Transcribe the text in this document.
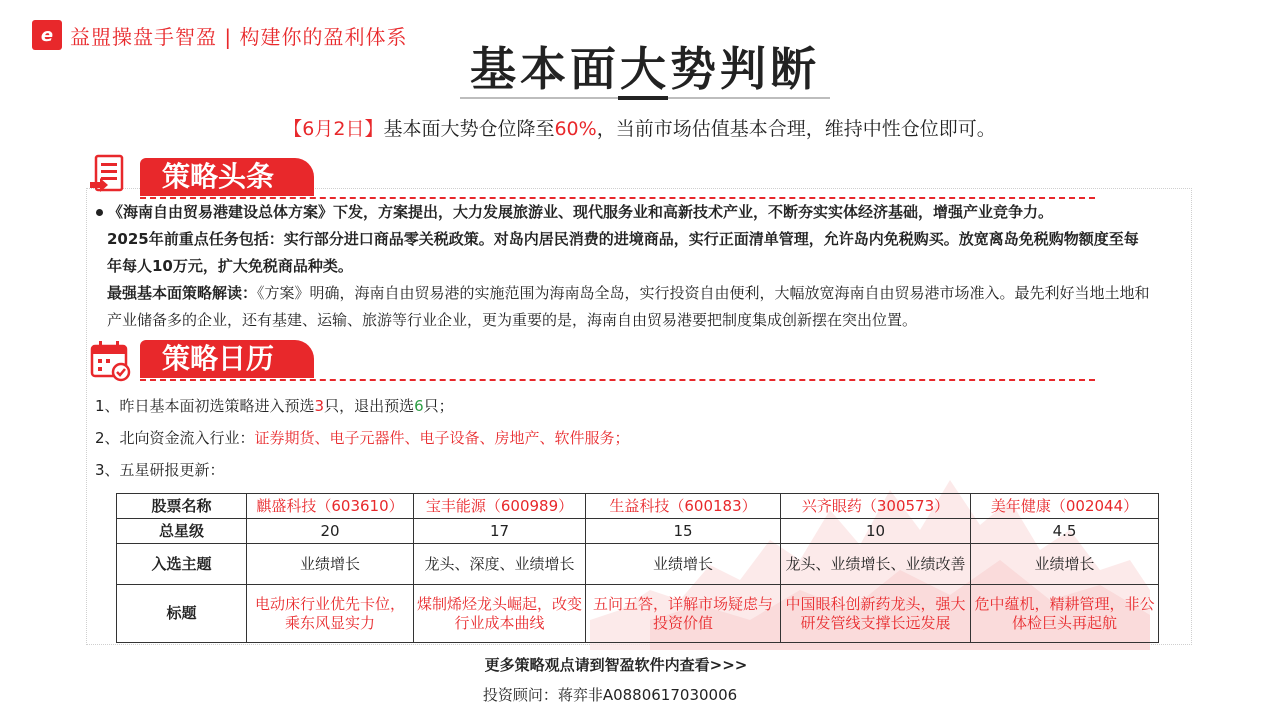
e 益盟操盘手智盈 | 构建你的盈利体系
基本面大势判断
【6月2日】基本面大势仓位降至60%，当前市场估值基本合理，维持中性仓位即可。
策略头条
《海南自由贸易港建设总体方案》下发，方案提出，大力发展旅游业、现代服务业和高新技术产业，不断夯实实体经济基础，增强产业竞争力。
2025年前重点任务包括：实行部分进口商品零关税政策。对岛内居民消费的进境商品，实行正面清单管理，允许岛内免税购买。放宽离岛免税购物额度至每年每人10万元，扩大免税商品种类。
最强基本面策略解读：《方案》明确，海南自由贸易港的实施范围为海南岛全岛，实行投资自由便利，大幅放宽海南自由贸易港市场准入。最先利好当地土地和产业储备多的企业，还有基建、运输、旅游等行业企业，更为重要的是，海南自由贸易港要把制度集成创新摆在突出位置。
策略日历
1、昨日基本面初选策略进入预选3只，退出预选6只；
2、北向资金流入行业：证券期货、电子元器件、电子设备、房地产、软件服务；
3、五星研报更新：
股票名称	麒盛科技（603610）	宝丰能源（600989）	生益科技（600183）	兴齐眼药（300573）	美年健康（002044）
总星级	20	17	15	10	4.5
入选主题	业绩增长	龙头、深度、业绩增长	业绩增长	龙头、业绩增长、业绩改善	业绩增长
标题	电动床行业优先卡位，乘东风显实力	煤制烯烃龙头崛起，改变行业成本曲线	五问五答，详解市场疑虑与投资价值	中国眼科创新药龙头，强大研发管线支撑长远发展	危中蕴机，精耕管理，非公体检巨头再起航
更多策略观点请到智盈软件内查看>>>
投资顾问：蒋弈非A0880617030006
